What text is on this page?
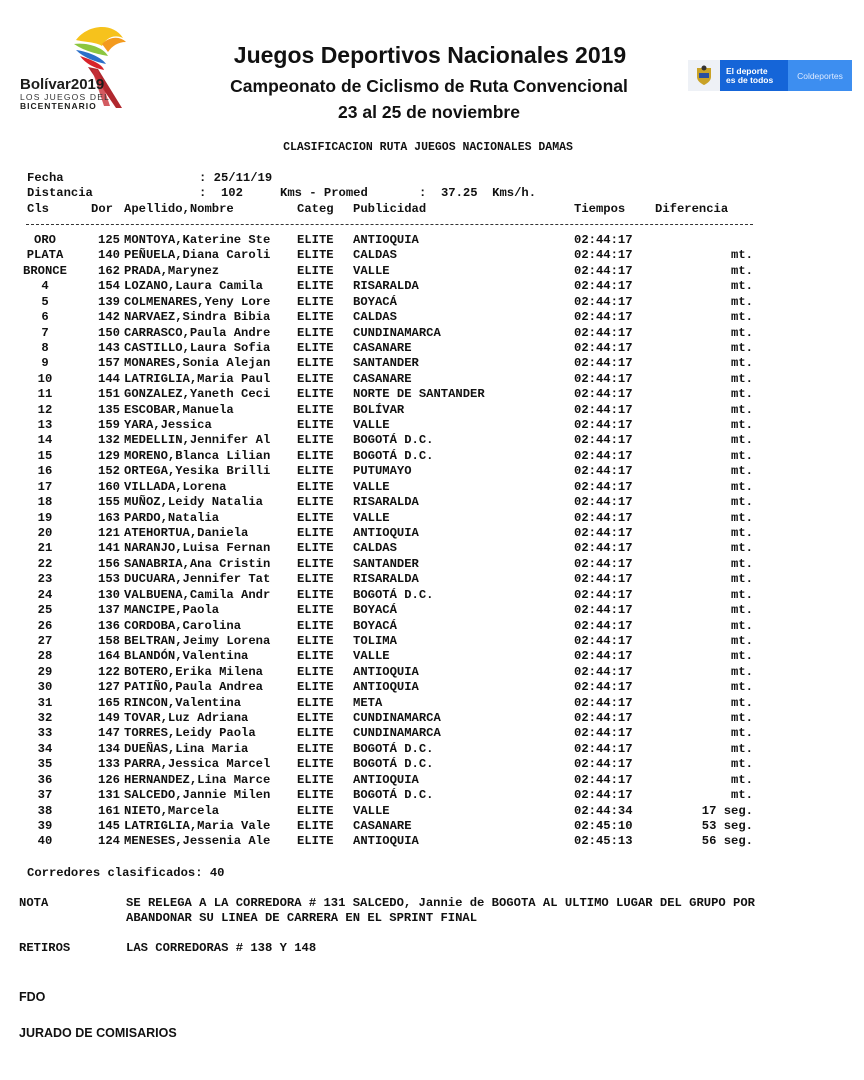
Bolívar2019
LOS JUEGOS DEL
BICENTENARIO
Juegos Deportivos Nacionales 2019
Campeonato de Ciclismo de Ruta Convencional
23 al 25 de noviembre
El deporte
es de todos	Coldeportes
CLASIFICACION RUTA JUEGOS NACIONALES DAMAS
Fecha	: 25/11/19
Distancia	:  102	Kms - Promed	:  37.25  Kms/h.
Cls	Dor Apellido,Nombre	Categ Publicidad	Tiempos Diferencia
ORO	125 MONTOYA,Katerine Ste ELITE ANTIOQUIA	02:44:17
PLATA	140 PEÑUELA,Diana Caroli ELITE CALDAS	02:44:17	mt.
BRONCE	162 PRADA,Marynez	ELITE VALLE	02:44:17	mt.
4	154 LOZANO,Laura Camila	ELITE RISARALDA	02:44:17	mt.
5	139 COLMENARES,Yeny Lore ELITE BOYACÁ	02:44:17	mt.
6	142 NARVAEZ,Sindra Bibia ELITE CALDAS	02:44:17	mt.
7	150 CARRASCO,Paula Andre ELITE CUNDINAMARCA	02:44:17	mt.
8	143 CASTILLO,Laura Sofia ELITE CASANARE	02:44:17	mt.
9	157 MONARES,Sonia Alejan ELITE SANTANDER	02:44:17	mt.
10	144 LATRIGLIA,Maria Paul ELITE CASANARE	02:44:17	mt.
11	151 GONZALEZ,Yaneth Ceci ELITE NORTE DE SANTANDER	02:44:17	mt.
12	135 ESCOBAR,Manuela	ELITE BOLÍVAR	02:44:17	mt.
13	159 YARA,Jessica	ELITE VALLE	02:44:17	mt.
14	132 MEDELLIN,Jennifer Al ELITE BOGOTÁ D.C.	02:44:17	mt.
15	129 MORENO,Blanca Lilian ELITE BOGOTÁ D.C.	02:44:17	mt.
16	152 ORTEGA,Yesika Brilli ELITE PUTUMAYO	02:44:17	mt.
17	160 VILLADA,Lorena	ELITE VALLE	02:44:17	mt.
18	155 MUÑOZ,Leidy Natalia	ELITE RISARALDA	02:44:17	mt.
19	163 PARDO,Natalia	ELITE VALLE	02:44:17	mt.
20	121 ATEHORTUA,Daniela	ELITE ANTIOQUIA	02:44:17	mt.
21	141 NARANJO,Luisa Fernan ELITE CALDAS	02:44:17	mt.
22	156 SANABRIA,Ana Cristin ELITE SANTANDER	02:44:17	mt.
23	153 DUCUARA,Jennifer Tat ELITE RISARALDA	02:44:17	mt.
24	130 VALBUENA,Camila Andr ELITE BOGOTÁ D.C.	02:44:17	mt.
25	137 MANCIPE,Paola	ELITE BOYACÁ	02:44:17	mt.
26	136 CORDOBA,Carolina	ELITE BOYACÁ	02:44:17	mt.
27	158 BELTRAN,Jeimy Lorena ELITE TOLIMA	02:44:17	mt.
28	164 BLANDÓN,Valentina	ELITE VALLE	02:44:17	mt.
29	122 BOTERO,Erika Milena	ELITE ANTIOQUIA	02:44:17	mt.
30	127 PATIÑO,Paula Andrea	ELITE ANTIOQUIA	02:44:17	mt.
31	165 RINCON,Valentina	ELITE META	02:44:17	mt.
32	149 TOVAR,Luz Adriana	ELITE CUNDINAMARCA	02:44:17	mt.
33	147 TORRES,Leidy Paola	ELITE CUNDINAMARCA	02:44:17	mt.
34	134 DUEÑAS,Lina Maria	ELITE BOGOTÁ D.C.	02:44:17	mt.
35	133 PARRA,Jessica Marcel ELITE BOGOTÁ D.C.	02:44:17	mt.
36	126 HERNANDEZ,Lina Marce ELITE ANTIOQUIA	02:44:17	mt.
37	131 SALCEDO,Jannie Milen ELITE BOGOTÁ D.C.	02:44:17	mt.
38	161 NIETO,Marcela	ELITE VALLE	02:44:34	17 seg.
39	145 LATRIGLIA,Maria Vale ELITE CASANARE	02:45:10	53 seg.
40	124 MENESES,Jessenia Ale ELITE ANTIOQUIA	02:45:13	56 seg.
Corredores clasificados: 40
NOTA	SE RELEGA A LA CORREDORA # 131 SALCEDO, Jannie de BOGOTA AL ULTIMO LUGAR DEL GRUPO POR
ABANDONAR SU LINEA DE CARRERA EN EL SPRINT FINAL
RETIROS	LAS CORREDORAS # 138 Y 148
FDO
JURADO DE COMISARIOS
